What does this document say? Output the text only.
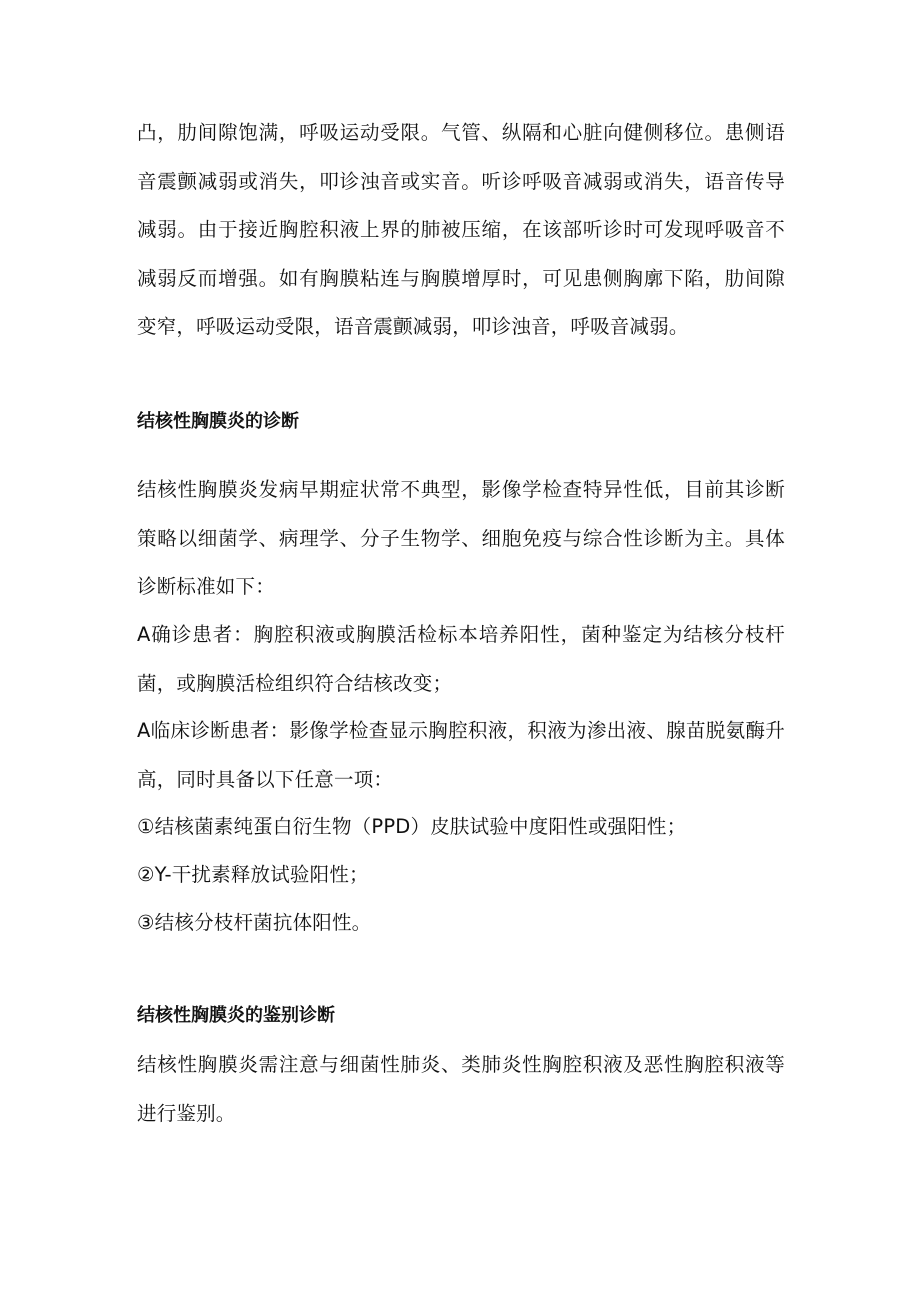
凸，肋间隙饱满，呼吸运动受限。气管、纵隔和心脏向健侧移位。患侧语音震颤减弱或消失，叩诊浊音或实音。听诊呼吸音减弱或消失，语音传导减弱。由于接近胸腔积液上界的肺被压缩，在该部听诊时可发现呼吸音不减弱反而增强。如有胸膜粘连与胸膜增厚时，可见患侧胸廓下陷，肋间隙变窄，呼吸运动受限，语音震颤减弱，叩诊浊音，呼吸音减弱。

结核性胸膜炎的诊断

结核性胸膜炎发病早期症状常不典型，影像学检查特异性低，目前其诊断策略以细菌学、病理学、分子生物学、细胞免疫与综合性诊断为主。具体诊断标准如下：

A确诊患者：胸腔积液或胸膜活检标本培养阳性，菌种鉴定为结核分枝杆菌，或胸膜活检组织符合结核改变；

A临床诊断患者：影像学检查显示胸腔积液，积液为渗出液、腺苗脱氨酶升高，同时具备以下任意一项：

①结核菌素纯蛋白衍生物（PPD）皮肤试验中度阳性或强阳性；

②Y-干扰素释放试验阳性；

③结核分枝杆菌抗体阳性。

结核性胸膜炎的鉴别诊断

结核性胸膜炎需注意与细菌性肺炎、类肺炎性胸腔积液及恶性胸腔积液等进行鉴别。
